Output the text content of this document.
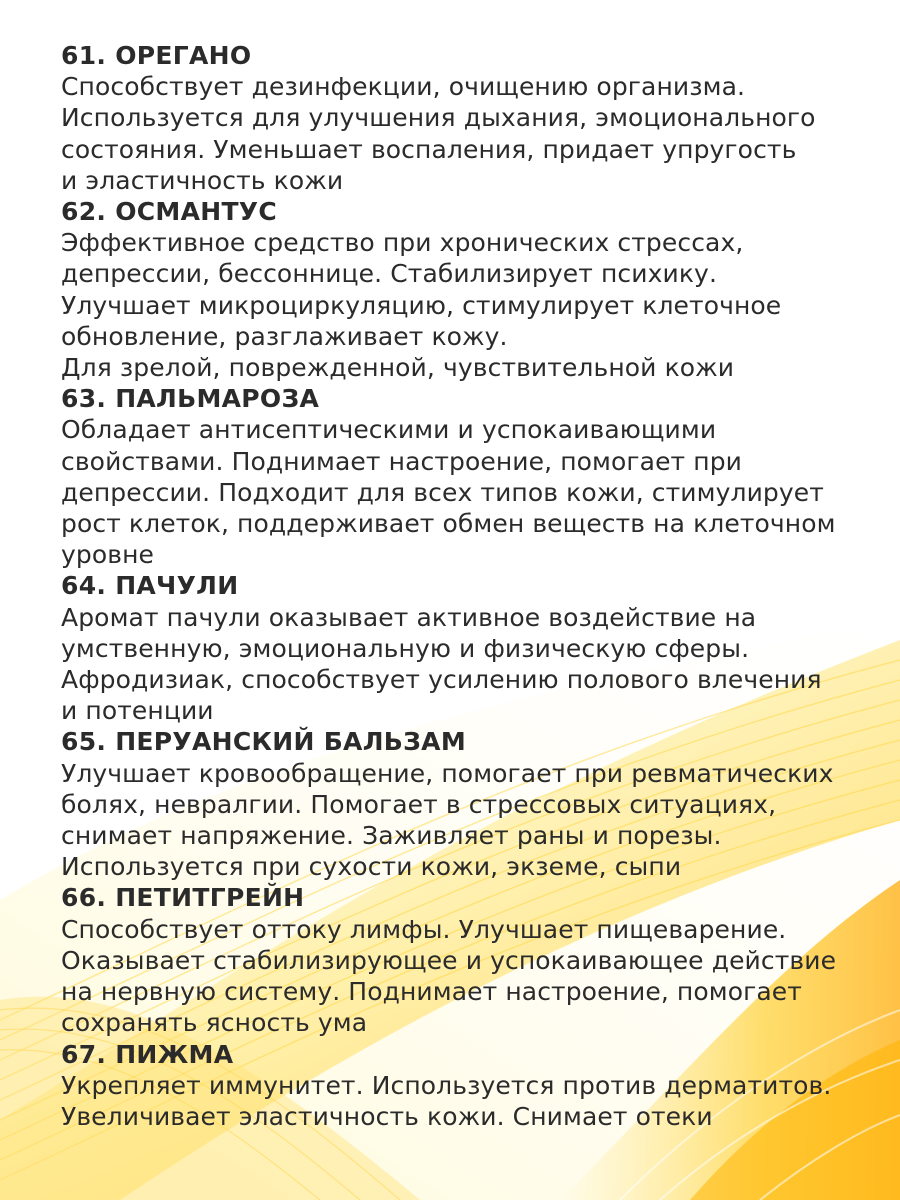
61. ОРЕГАНО
Способствует дезинфекции, очищению организма.
Используется для улучшения дыхания, эмоционального
состояния. Уменьшает воспаления, придает упругость
и эластичность кожи
62. ОСМАНТУС
Эффективное средство при хронических стрессах,
депрессии, бессоннице. Стабилизирует психику.
Улучшает микроциркуляцию, стимулирует клеточное
обновление, разглаживает кожу.
Для зрелой, поврежденной, чувствительной кожи
63. ПАЛЬМАРОЗА
Обладает антисептическими и успокаивающими
свойствами. Поднимает настроение, помогает при
депрессии. Подходит для всех типов кожи, стимулирует
рост клеток, поддерживает обмен веществ на клеточном
уровне
64. ПАЧУЛИ
Аромат пачули оказывает активное воздействие на
умственную, эмоциональную и физическую сферы.
Афродизиак, способствует усилению полового влечения
и потенции
65. ПЕРУАНСКИЙ БАЛЬЗАМ
Улучшает кровообращение, помогает при ревматических
болях, невралгии. Помогает в стрессовых ситуациях,
снимает напряжение. Заживляет раны и порезы.
Используется при сухости кожи, экземе, сыпи
66. ПЕТИТГРЕЙН
Способствует оттоку лимфы. Улучшает пищеварение.
Оказывает стабилизирующее и успокаивающее действие
на нервную систему. Поднимает настроение, помогает
сохранять ясность ума
67. ПИЖМА
Укрепляет иммунитет. Используется против дерматитов.
Увеличивает эластичность кожи. Снимает отеки
